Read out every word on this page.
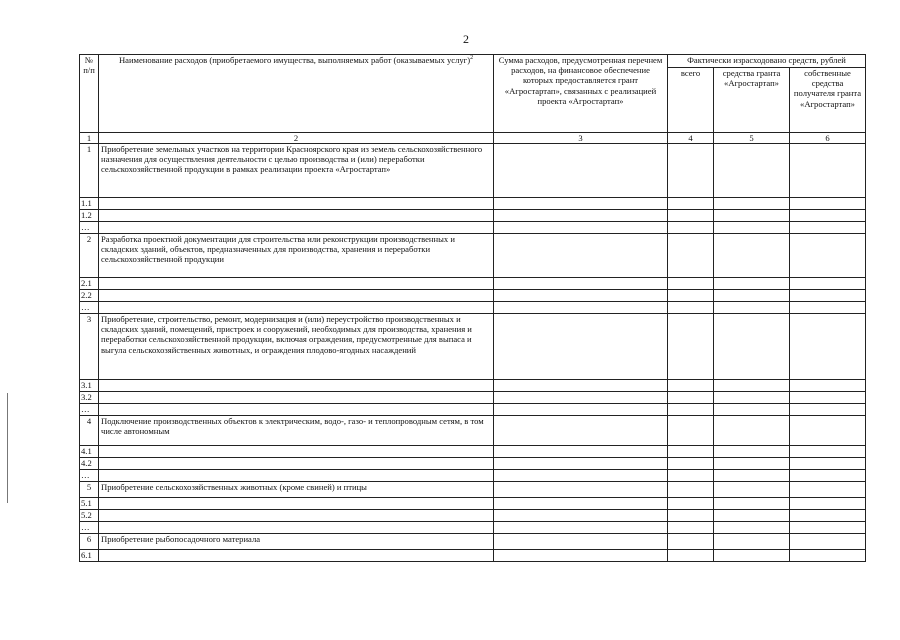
2
№ п/п	Наименование расходов (приобретаемого имущества, выполняемых работ (оказываемых услуг)$^2$	Сумма расходов, предусмотренная перечнем расходов, на финансовое обеспечение которых предоставляется грант «Агростартап», связанных с реализацией проекта «Агростартап»	Фактически израсходовано средств, рублей		
			всего	средства гранта «Агростартап»	собственные средства получателя гранта «Агростартап»
1	2	3	4	5	6
1	Приобретение земельных участков на территории Красноярского края из земель сельскохозяйственного назначения для осуществления деятельности с целью производства и (или) переработки сельскохозяйственной продукции в рамках реализации проекта «Агростартап»				
1.1					
1.2					
…					
2	Разработка проектной документации для строительства или реконструкции производственных и складских зданий, объектов, предназначенных для производства, хранения и переработки сельскохозяйственной продукции				
2.1					
2.2					
…					
3	Приобретение, строительство, ремонт, модернизация и (или) переустройство производственных и складских зданий, помещений, пристроек и сооружений, необходимых для производства, хранения и переработки сельскохозяйственной продукции, включая ограждения, предусмотренные для выпаса и выгула сельскохозяйственных животных, и ограждения плодово-ягодных насаждений				
3.1					
3.2					
…					
4	Подключение производственных объектов к электрическим, водо-, газо- и теплопроводным сетям, в том числе автономным				
4.1					
4.2					
…					
5	Приобретение сельскохозяйственных животных (кроме свиней) и птицы				
5.1					
5.2					
…					
6	Приобретение рыбопосадочного материала				
6.1					
